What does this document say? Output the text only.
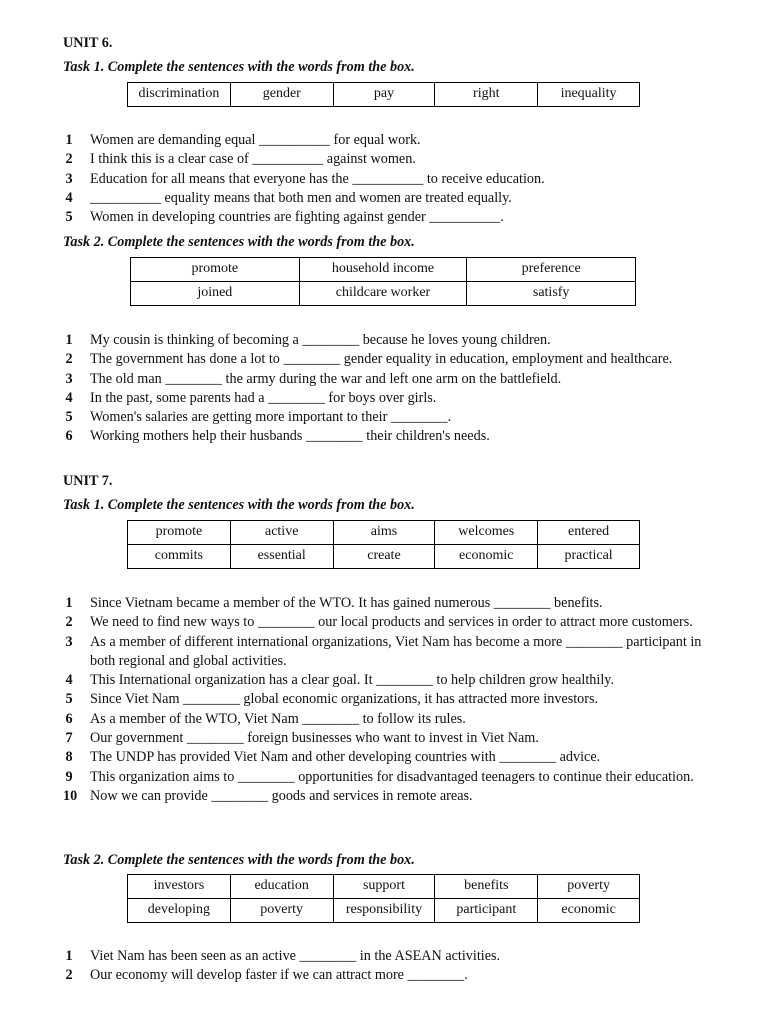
UNIT 6.
Task 1. Complete the sentences with the words from the box.
discrimination	gender	pay	right	inequality
1 Women are demanding equal __________ for equal work.
2 I think this is a clear case of __________ against women.
3 Education for all means that everyone has the __________ to receive education.
4 __________ equality means that both men and women are treated equally.
5 Women in developing countries are fighting against gender __________.
Task 2. Complete the sentences with the words from the box.
promote	household income	preference
joined	childcare worker	satisfy
1 My cousin is thinking of becoming a ________ because he loves young children.
2 The government has done a lot to ________ gender equality in education, employment and healthcare.
3 The old man ________ the army during the war and left one arm on the battlefield.
4 In the past, some parents had a ________ for boys over girls.
5 Women's salaries are getting more important to their ________.
6 Working mothers help their husbands ________ their children's needs.
UNIT 7.
Task 1. Complete the sentences with the words from the box.
promote	active	aims	welcomes	entered
commits	essential	create	economic	practical
1 Since Vietnam became a member of the WTO. It has gained numerous ________ benefits.
2 We need to find new ways to ________ our local products and services in order to attract more customers.
3 As a member of different international organizations, Viet Nam has become a more ________ participant in both regional and global activities.
4 This International organization has a clear goal. It ________ to help children grow healthily.
5 Since Viet Nam ________ global economic organizations, it has attracted more investors.
6 As a member of the WTO, Viet Nam ________ to follow its rules.
7 Our government ________ foreign businesses who want to invest in Viet Nam.
8 The UNDP has provided Viet Nam and other developing countries with ________ advice.
9 This organization aims to ________ opportunities for disadvantaged teenagers to continue their education.
10 Now we can provide ________ goods and services in remote areas.
Task 2. Complete the sentences with the words from the box.
investors	education	support	benefits	poverty
developing	poverty	responsibility	participant	economic
1 Viet Nam has been seen as an active ________ in the ASEAN activities.
2 Our economy will develop faster if we can attract more ________.
